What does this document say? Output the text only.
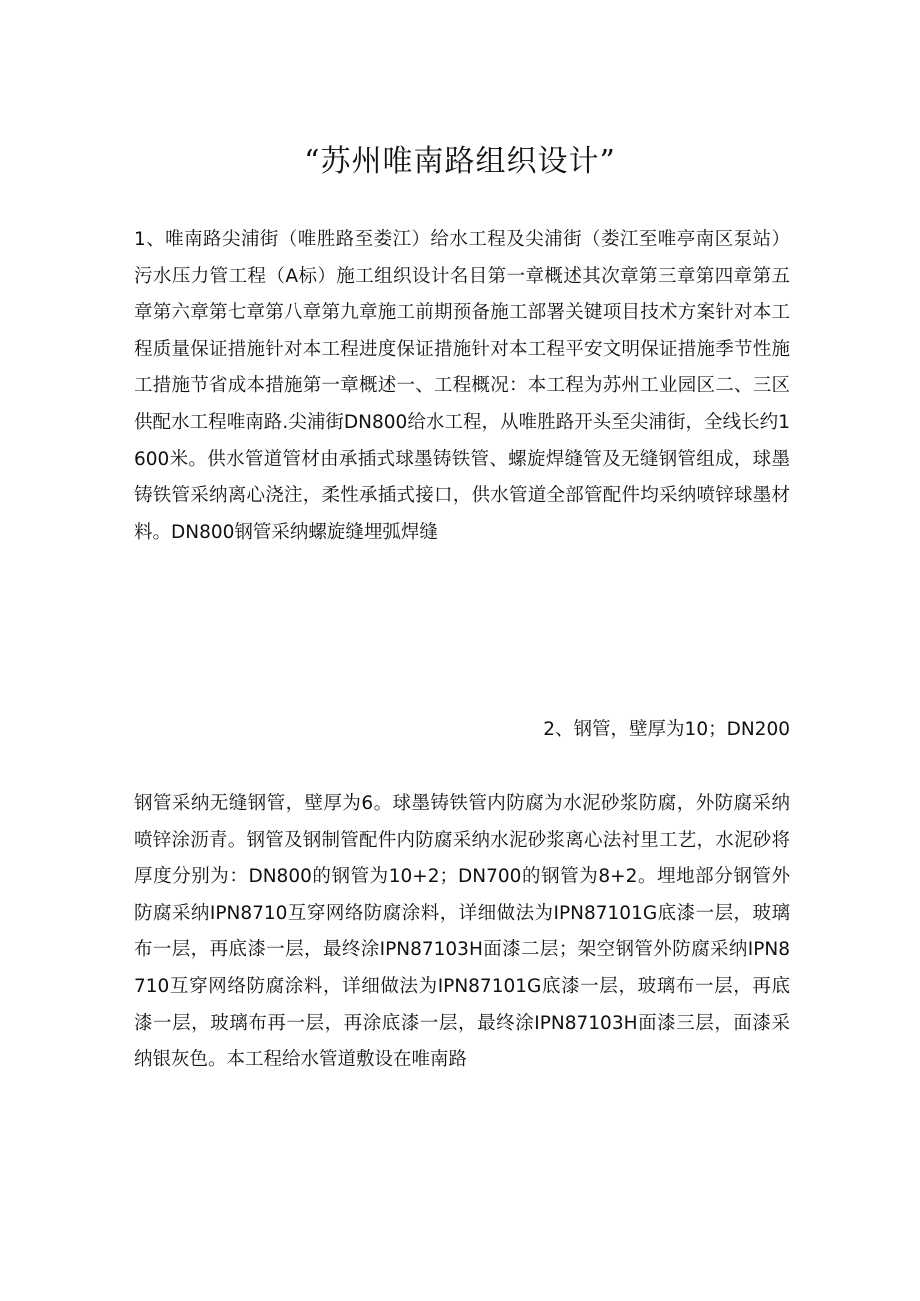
“苏州唯南路组织设计”

1、唯南路尖浦街（唯胜路至娄江）给水工程及尖浦街（娄江至唯亭南区泵站）污水压力管工程（A标）施工组织设计名目第一章概述其次章第三章第四章第五章第六章第七章第八章第九章施工前期预备施工部署关键项目技术方案针对本工程质量保证措施针对本工程进度保证措施针对本工程平安文明保证措施季节性施工措施节省成本措施第一章概述一、工程概况：本工程为苏州工业园区二、三区供配水工程唯南路.尖浦街DN800给水工程，从唯胜路开头至尖浦街，全线长约1600米。供水管道管材由承插式球墨铸铁管、螺旋焊缝管及无缝钢管组成，球墨铸铁管采纳离心浇注，柔性承插式接口，供水管道全部管配件均采纳喷锌球墨材料。DN800钢管采纳螺旋缝埋弧焊缝

2、钢管，壁厚为10；DN200

钢管采纳无缝钢管，壁厚为6。球墨铸铁管内防腐为水泥砂浆防腐，外防腐采纳喷锌涂沥青。钢管及钢制管配件内防腐采纳水泥砂浆离心法衬里工艺，水泥砂将厚度分别为：DN800的钢管为10+2；DN700的钢管为8+2。埋地部分钢管外防腐采纳IPN8710互穿网络防腐涂料，详细做法为IPN87101G底漆一层，玻璃布一层，再底漆一层，最终涂IPN87103H面漆二层；架空钢管外防腐采纳IPN8710互穿网络防腐涂料，详细做法为IPN87101G底漆一层，玻璃布一层，再底漆一层，玻璃布再一层，再涂底漆一层，最终涂IPN87103H面漆三层，面漆采纳银灰色。本工程给水管道敷设在唯南路
